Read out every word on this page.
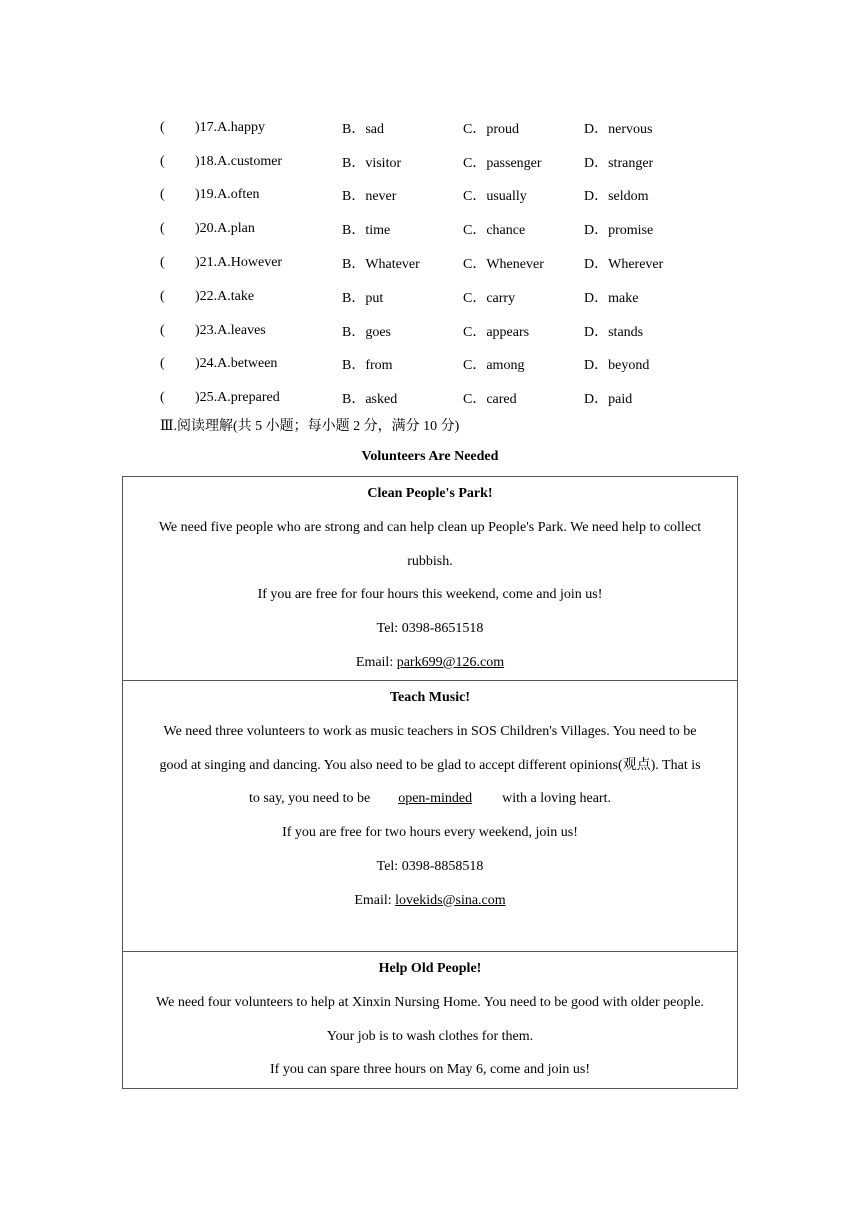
( )17.A.happy	B．sad	C．proud	D．nervous
( )18.A.customer	B．visitor	C．passenger	D．stranger
( )19.A.often	B．never	C．usually	D．seldom
( )20.A.plan	B．time	C．chance	D．promise
( )21.A.However	B．Whatever	C．Whenever	D．Wherever
( )22.A.take	B．put	C．carry	D．make
( )23.A.leaves	B．goes	C．appears	D．stands
( )24.A.between	B．from	C．among	D．beyond
( )25.A.prepared	B．asked	C．cared	D．paid
Ⅲ.阅读理解(共 5 小题；每小题 2 分，满分 10 分)
Volunteers Are Needed
Clean People's Park!
We need five people who are strong and can help clean up People's Park. We need help to collect
rubbish.
If you are free for four hours this weekend, come and join us!
Tel: 0398-8651518
Email: park699@126.com

Teach Music!
We need three volunteers to work as music teachers in SOS Children's Villages. You need to be
good at singing and dancing. You also need to be glad to accept different opinions(观点). That is
to say, you need to be open-minded with a loving heart.
If you are free for two hours every weekend, join us!
Tel: 0398-8858518
Email: lovekids@sina.com

Help Old People!
We need four volunteers to help at Xinxin Nursing Home. You need to be good with older people.
Your job is to wash clothes for them.
If you can spare three hours on May 6, come and join us!
